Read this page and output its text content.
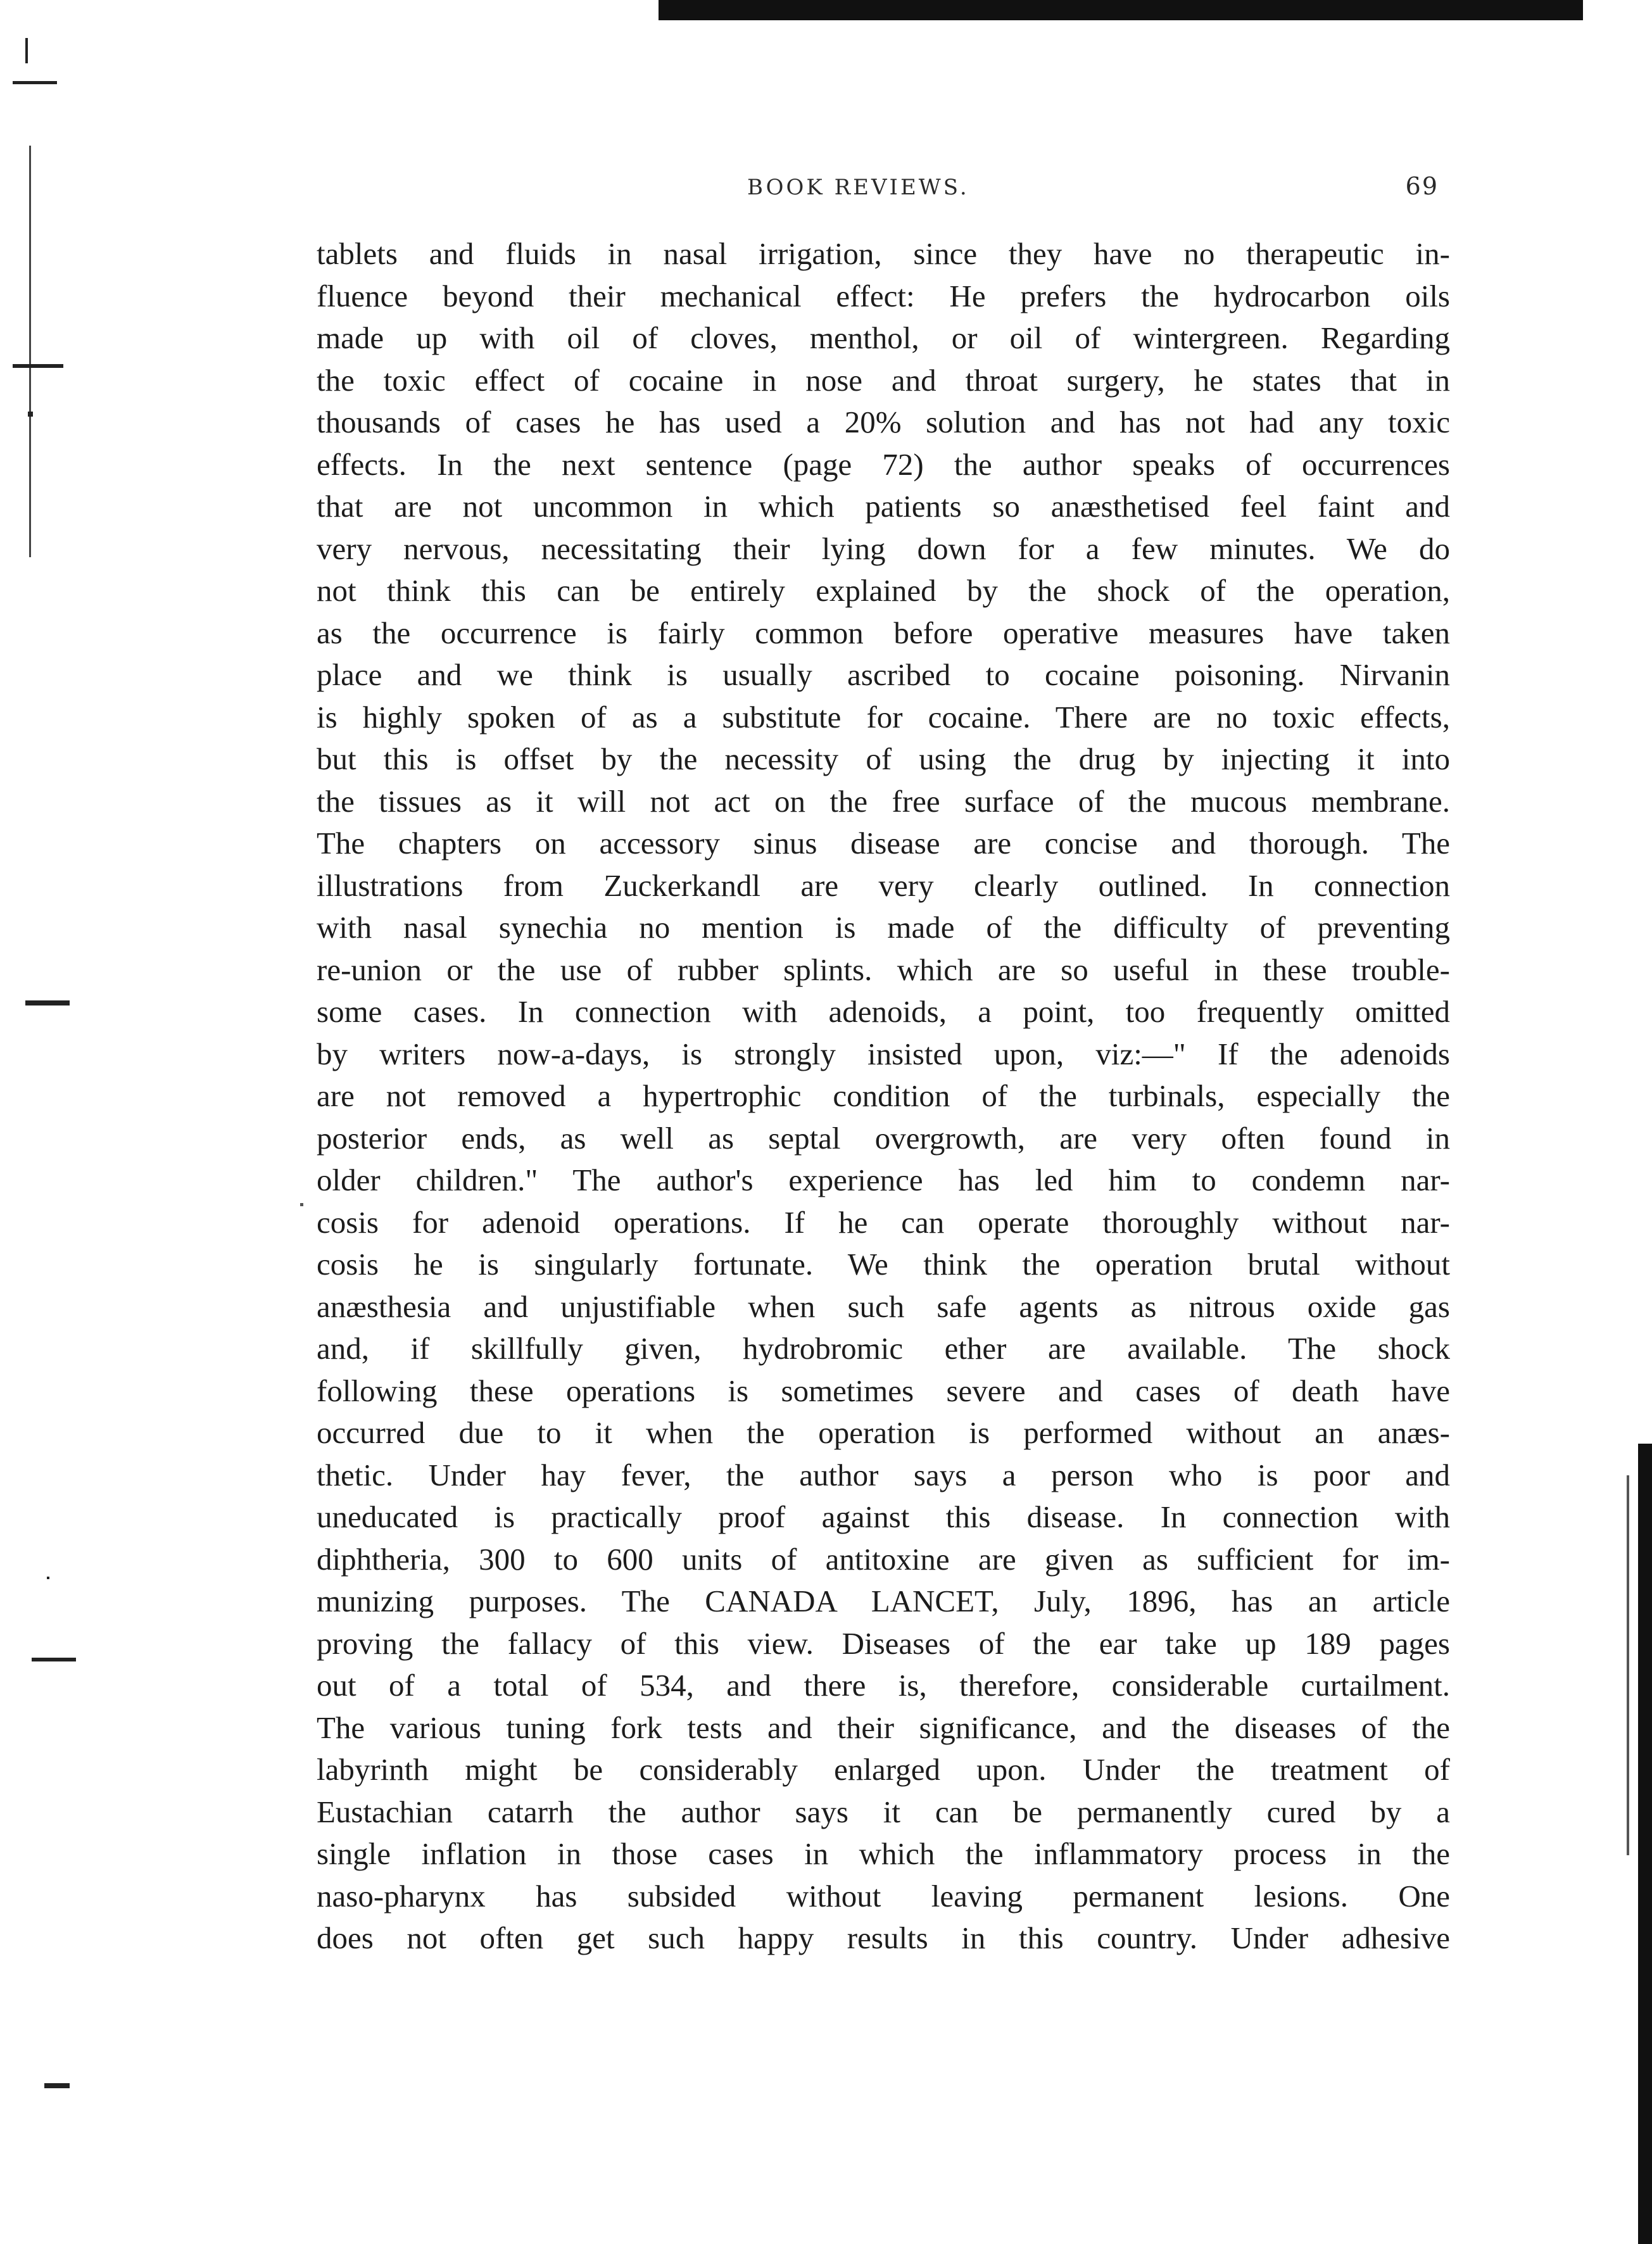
BOOK REVIEWS.	69
tablets and fluids in nasal irrigation, since they have no therapeutic in-
fluence beyond their mechanical effect: He prefers the hydrocarbon oils
made up with oil of cloves, menthol, or oil of wintergreen. Regarding
the toxic effect of cocaine in nose and throat surgery, he states that in
thousands of cases he has used a 20% solution and has not had any toxic
effects. In the next sentence (page 72) the author speaks of occurrences
that are not uncommon in which patients so anæsthetised feel faint and
very nervous, necessitating their lying down for a few minutes. We do
not think this can be entirely explained by the shock of the operation,
as the occurrence is fairly common before operative measures have taken
place and we think is usually ascribed to cocaine poisoning. Nirvanin
is highly spoken of as a substitute for cocaine. There are no toxic effects,
but this is offset by the necessity of using the drug by injecting it into
the tissues as it will not act on the free surface of the mucous membrane.
The chapters on accessory sinus disease are concise and thorough. The
illustrations from Zuckerkandl are very clearly outlined. In connection
with nasal synechia no mention is made of the difficulty of preventing
re-union or the use of rubber splints. which are so useful in these trouble-
some cases. In connection with adenoids, a point, too frequently omitted
by writers now-a-days, is strongly insisted upon, viz:—" If the adenoids
are not removed a hypertrophic condition of the turbinals, especially the
posterior ends, as well as septal overgrowth, are very often found in
older children." The author's experience has led him to condemn nar-
cosis for adenoid operations. If he can operate thoroughly without nar-
cosis he is singularly fortunate. We think the operation brutal without
anæsthesia and unjustifiable when such safe agents as nitrous oxide gas
and, if skillfully given, hydrobromic ether are available. The shock
following these operations is sometimes severe and cases of death have
occurred due to it when the operation is performed without an anæs-
thetic. Under hay fever, the author says a person who is poor and
uneducated is practically proof against this disease. In connection with
diphtheria, 300 to 600 units of antitoxine are given as sufficient for im-
munizing purposes. The CANADA LANCET, July, 1896, has an article
proving the fallacy of this view. Diseases of the ear take up 189 pages
out of a total of 534, and there is, therefore, considerable curtailment.
The various tuning fork tests and their significance, and the diseases of the
labyrinth might be considerably enlarged upon. Under the treatment of
Eustachian catarrh the author says it can be permanently cured by a
single inflation in those cases in which the inflammatory process in the
naso-pharynx has subsided without leaving permanent lesions. One
does not often get such happy results in this country. Under adhesive
